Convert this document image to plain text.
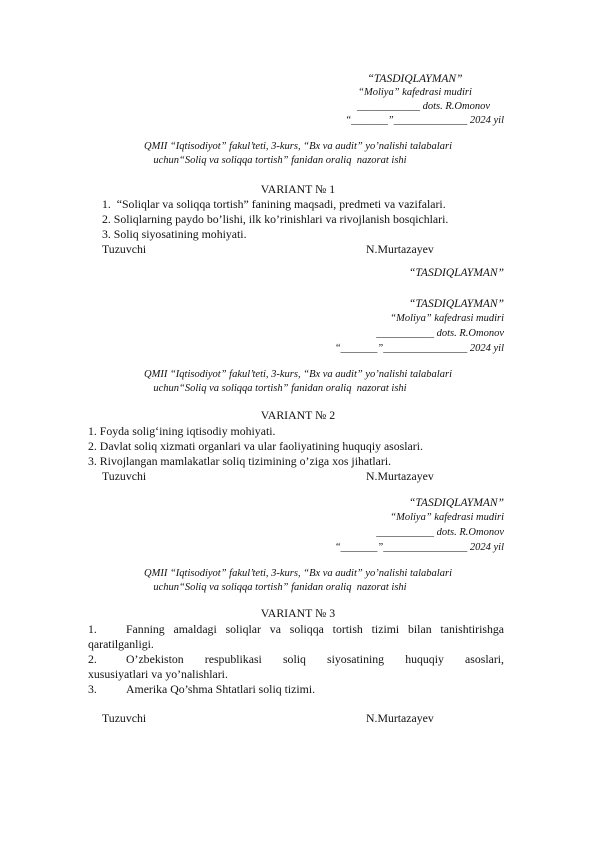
“TASDIQLAYMAN”
“Moliya” kafedrasi mudiri
____________ dots. R.Omonov
“_______”______________ 2024 yil
QMII “Iqtisodiyot” fakul’teti, 3-kurs, “Bx va audit” yo’nalishi talabalari
uchun“Soliq va soliqqa tortish” fanidan oraliq  nazorat ishi
VARIANT № 1
1.  “Soliqlar va soliqqa tortish” fanining maqsadi, predmeti va vazifalari.
2. Soliqlarning paydo bo’lishi, ilk ko’rinishlari va rivojlanish bosqichlari.
3. Soliq siyosatining mohiyati.
Tuzuvchi	N.Murtazayev
“TASDIQLAYMAN”
“TASDIQLAYMAN”
“Moliya” kafedrasi mudiri
___________ dots. R.Omonov
“_______”________________ 2024 yil
QMII “Iqtisodiyot” fakul’teti, 3-kurs, “Bx va audit” yo’nalishi talabalari
uchun“Soliq va soliqqa tortish” fanidan oraliq  nazorat ishi
VARIANT № 2
1. Foyda solig‘ining iqtisodiy mohiyati.
2. Davlat soliq xizmati organlari va ular faoliyatining huquqiy asoslari.
3. Rivojlangan mamlakatlar soliq tizimining o’ziga xos jihatlari.
Tuzuvchi	N.Murtazayev
“TASDIQLAYMAN”
“Moliya” kafedrasi mudiri
___________ dots. R.Omonov
“_______”________________ 2024 yil
QMII “Iqtisodiyot” fakul’teti, 3-kurs, “Bx va audit” yo’nalishi talabalari
uchun“Soliq va soliqqa tortish” fanidan oraliq  nazorat ishi
VARIANT № 3
1. Fanning amaldagi soliqlar va soliqqa tortish tizimi bilan tanishtirishga
qaratilganligi.
2. O’zbekiston respublikasi soliq siyosatining huquqiy asoslari,
xususiyatlari va yo’nalishlari.
3. Amerika Qo’shma Shtatlari soliq tizimi.
Tuzuvchi	N.Murtazayev
